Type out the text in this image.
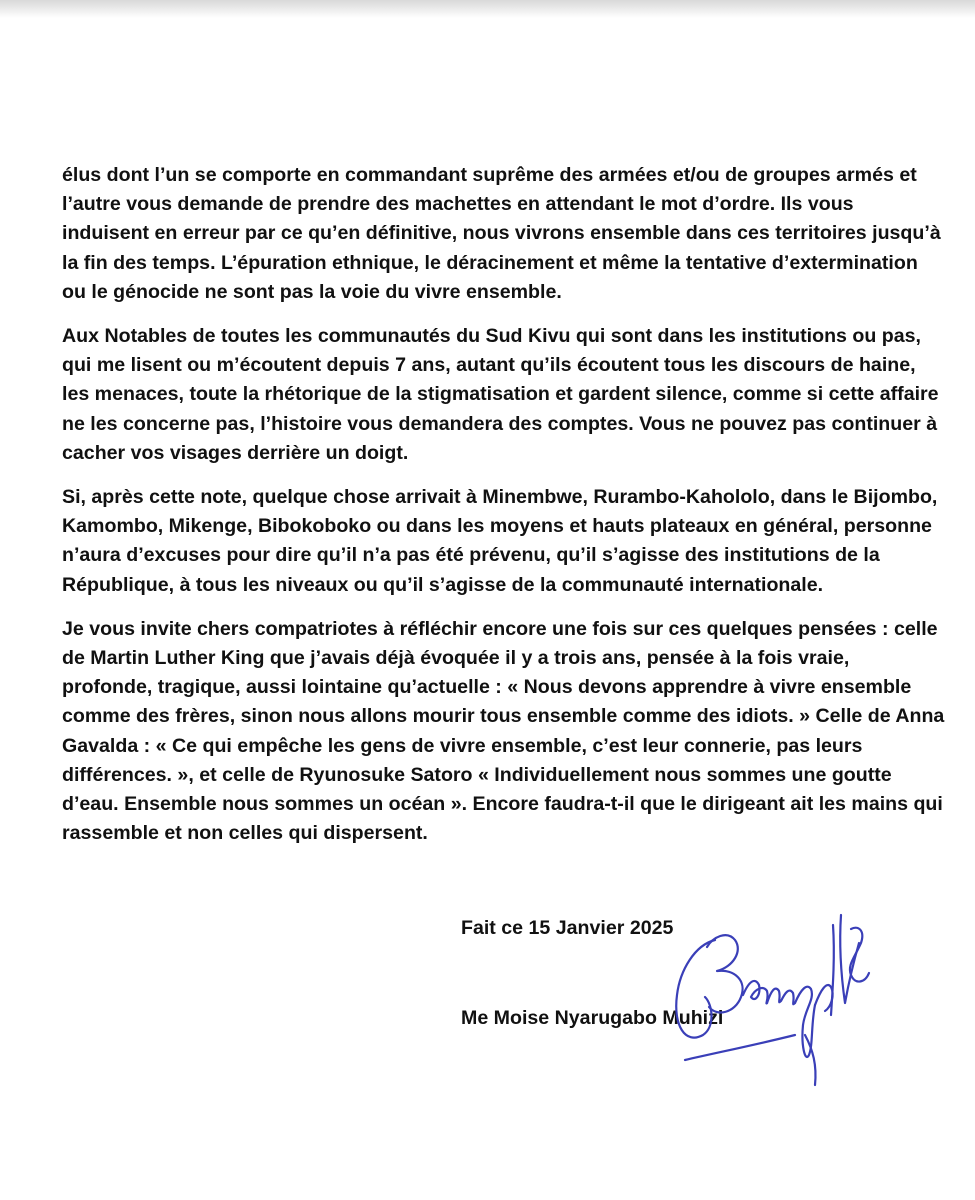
élus dont l’un se comporte en commandant suprême des armées et/ou de groupes armés et
l’autre vous demande de prendre des machettes en attendant le mot d’ordre. Ils vous
induisent en erreur par ce qu’en définitive, nous vivrons ensemble dans ces territoires jusqu’à
la fin des temps. L’épuration ethnique, le déracinement et même la tentative d’extermination
ou le génocide ne sont pas la voie du vivre ensemble.

Aux Notables de toutes les communautés du Sud Kivu qui sont dans les institutions ou pas,
qui me lisent ou m’écoutent depuis 7 ans, autant qu’ils écoutent tous les discours de haine,
les menaces, toute la rhétorique de la stigmatisation et gardent silence, comme si cette affaire
ne les concerne pas, l’histoire vous demandera des comptes. Vous ne pouvez pas continuer à
cacher vos visages derrière un doigt.

Si, après cette note, quelque chose arrivait à Minembwe, Rurambo-Kahololo, dans le Bijombo,
Kamombo, Mikenge, Bibokoboko ou dans les moyens et hauts plateaux en général, personne
n’aura d’excuses pour dire qu’il n’a pas été prévenu, qu’il s’agisse des institutions de la
République, à tous les niveaux ou qu’il s’agisse de la communauté internationale.

Je vous invite chers compatriotes à réfléchir encore une fois sur ces quelques pensées : celle
de Martin Luther King que j’avais déjà évoquée il y a trois ans, pensée à la fois vraie,
profonde, tragique, aussi lointaine qu’actuelle : « Nous devons apprendre à vivre ensemble
comme des frères, sinon nous allons mourir tous ensemble comme des idiots. » Celle de Anna
Gavalda : « Ce qui empêche les gens de vivre ensemble, c’est leur connerie, pas leurs
différences. », et celle de Ryunosuke Satoro « Individuellement nous sommes une goutte
d’eau. Ensemble nous sommes un océan ». Encore faudra-t-il que le dirigeant ait les mains qui
rassemble et non celles qui dispersent.

Fait ce 15 Janvier 2025
Me Moise Nyarugabo Muhizi
